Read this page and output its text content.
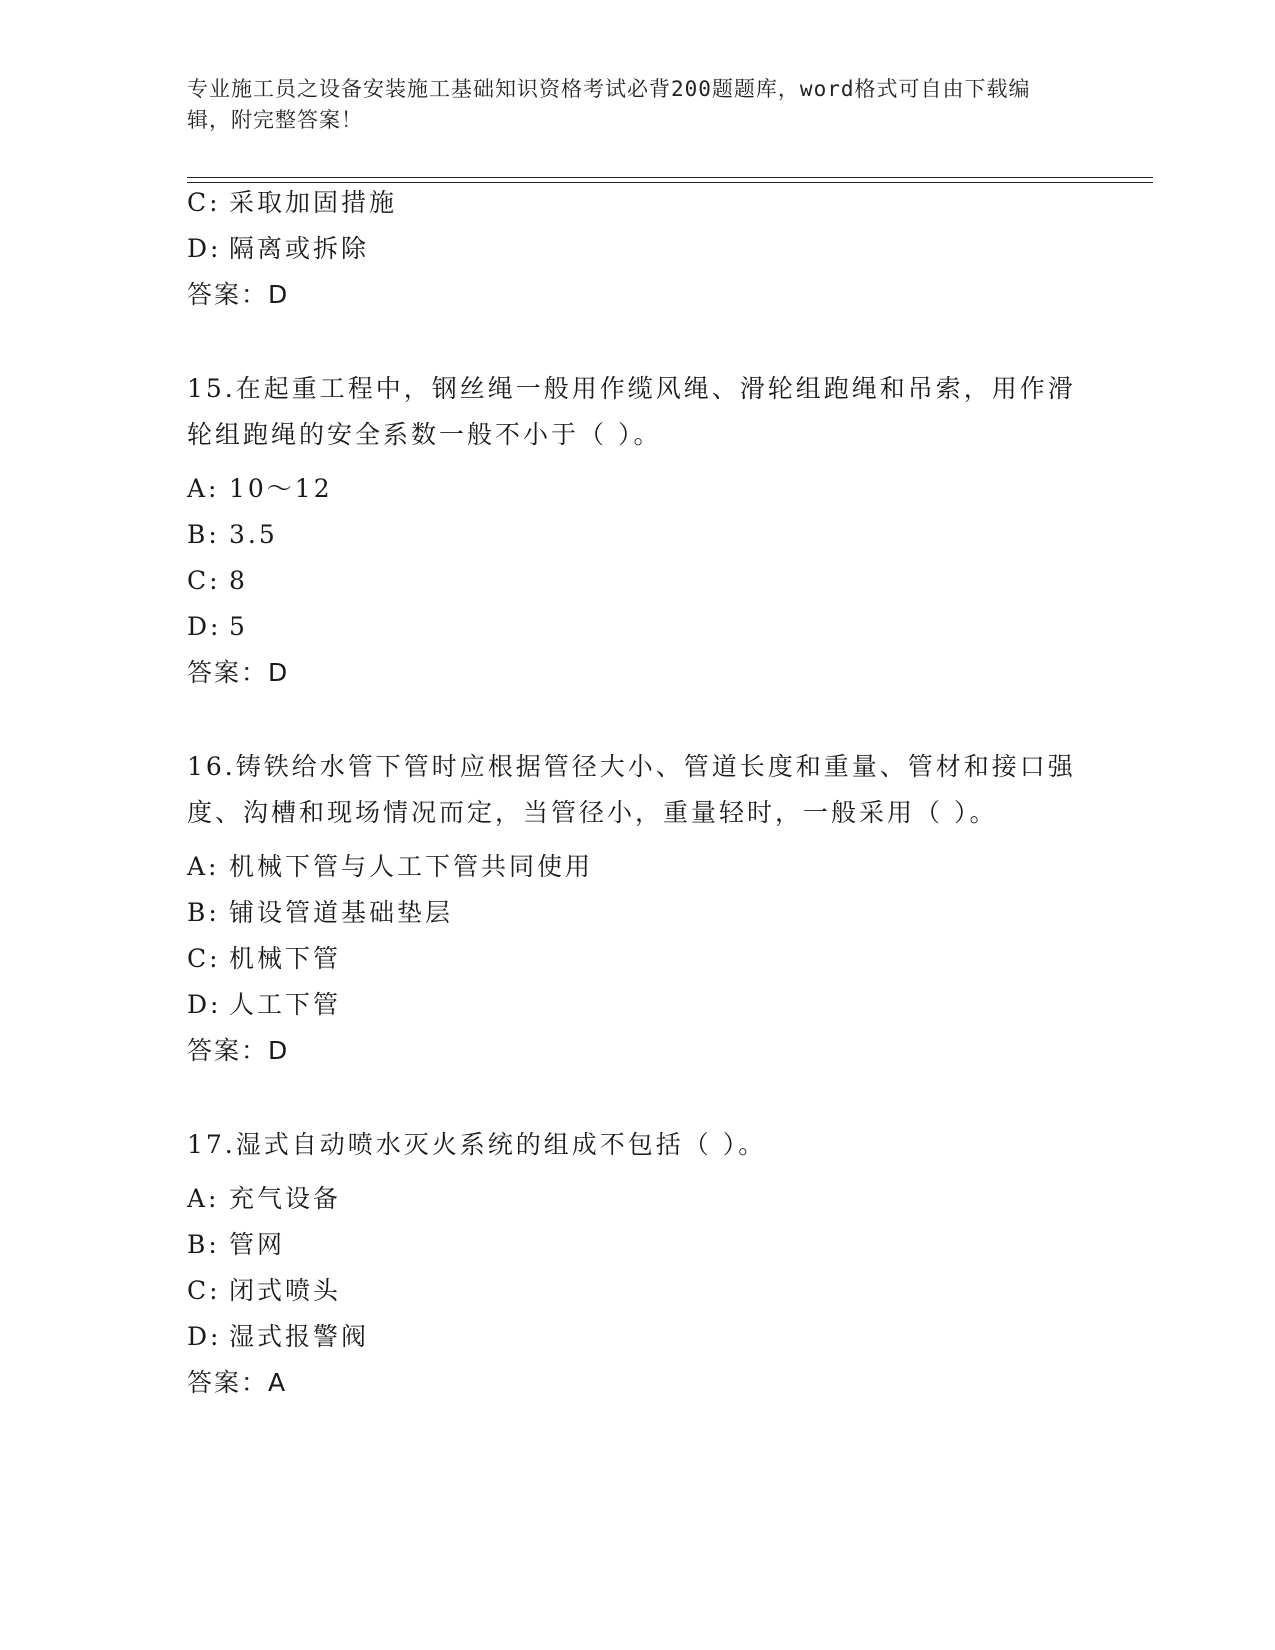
专业施工员之设备安装施工基础知识资格考试必背200题题库，word格式可自由下载编辑，附完整答案！
C: 采取加固措施
D: 隔离或拆除
答案：D
15.在起重工程中，钢丝绳一般用作缆风绳、滑轮组跑绳和吊索，用作滑轮组跑绳的安全系数一般不小于（ ）。
A: 10～12
B: 3.5
C: 8
D: 5
答案：D
16.铸铁给水管下管时应根据管径大小、管道长度和重量、管材和接口强度、沟槽和现场情况而定，当管径小，重量轻时，一般采用（ ）。
A: 机械下管与人工下管共同使用
B: 铺设管道基础垫层
C: 机械下管
D: 人工下管
答案：D
17.湿式自动喷水灭火系统的组成不包括（ ）。
A: 充气设备
B: 管网
C: 闭式喷头
D: 湿式报警阀
答案：A
